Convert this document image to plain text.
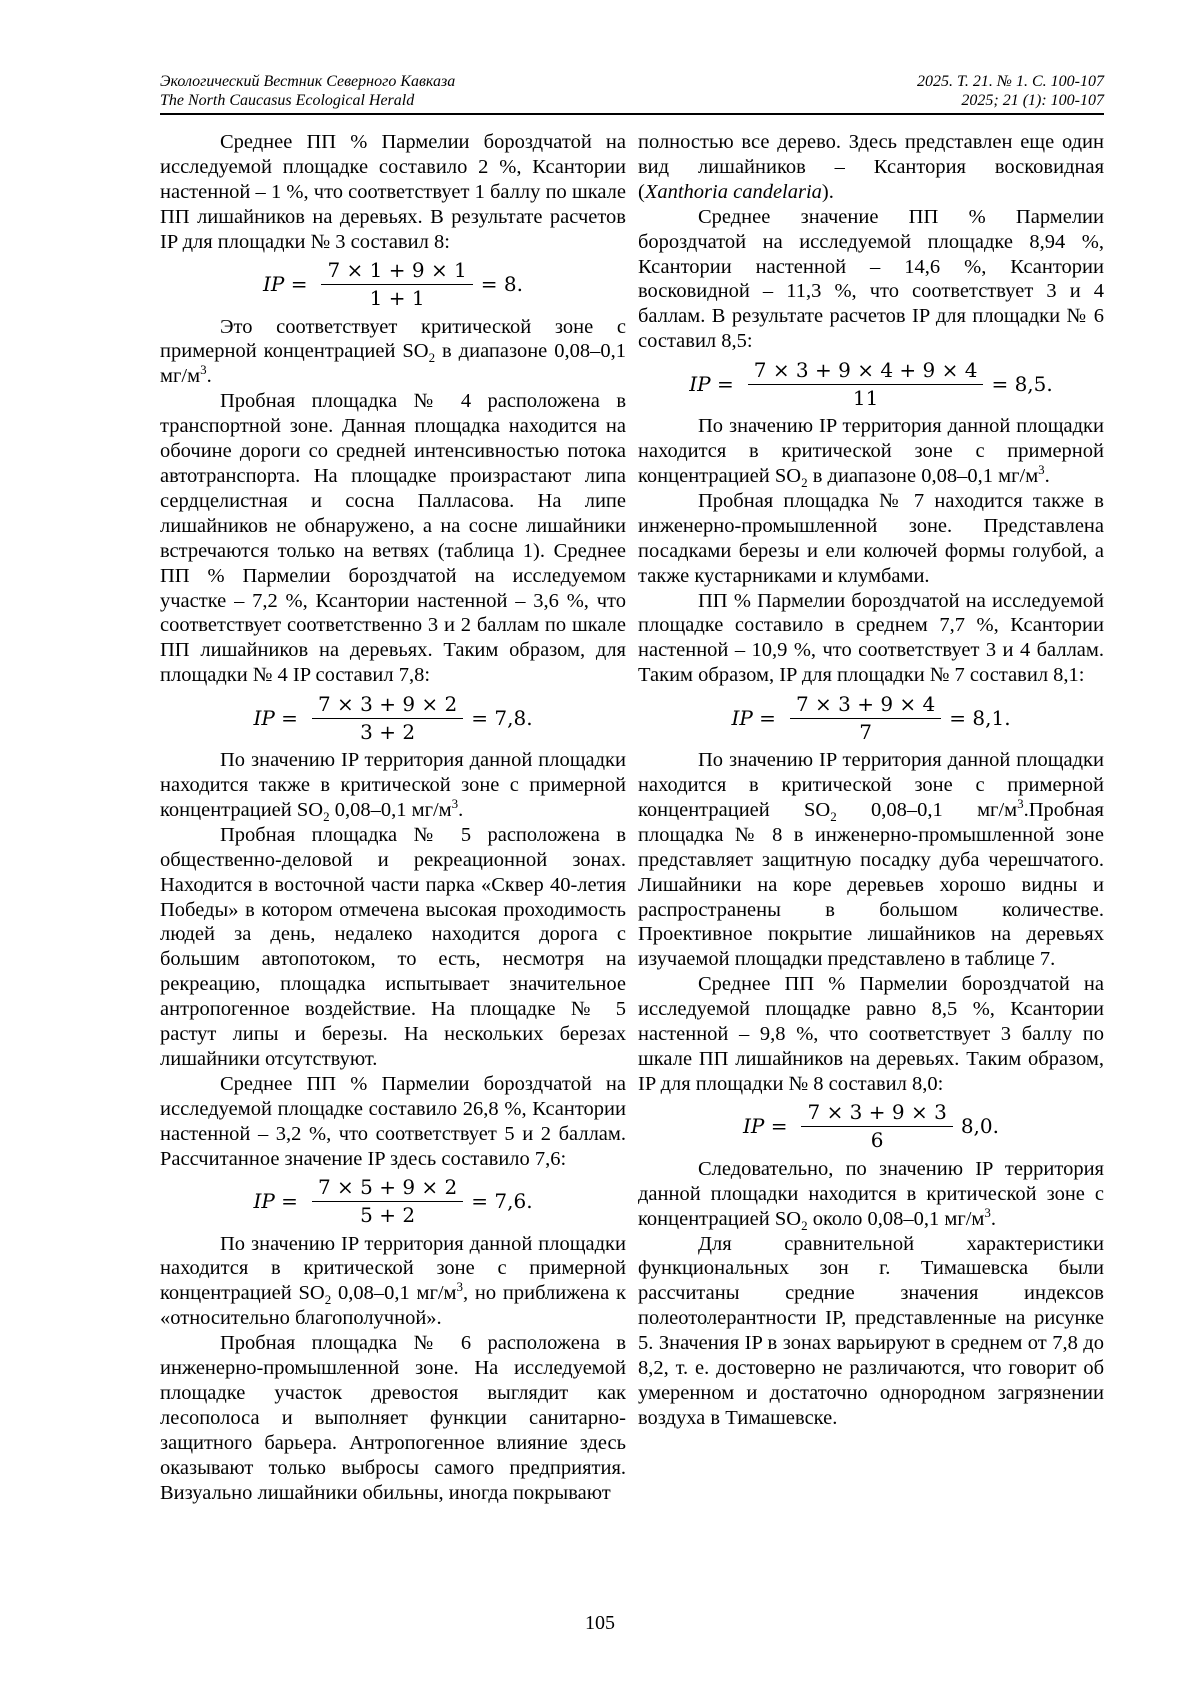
Экологический Вестник Северного Кавказа	2025. Т. 21. № 1. С. 100-107
The North Caucasus Ecological Herald	2025; 21 (1): 100-107

Среднее ПП % Пармелии бороздчатой на исследуемой площадке составило 2 %, Ксантории настенной – 1 %, что соответствует 1 баллу по шкале ПП лишайников на деревьях. В результате расчетов IP для площадки № 3 составил 8:

IP = $\frac{7 \times 1 + 9 \times 1}{1 + 1} = 8$.

Это соответствует критической зоне с примерной концентрацией $SO_2$ в диапазоне 0,08–0,1 $мг/м^3$.

Пробная площадка № 4 расположена в транспортной зоне. Данная площадка находится на обочине дороги со средней интенсивностью потока автотранспорта. На площадке произрастают липа сердцелистная и сосна Палласова. На липе лишайников не обнаружено, а на сосне лишайники встречаются только на ветвях (таблица 1). Среднее ПП % Пармелии бороздчатой на исследуемом участке – 7,2 %, Ксантории настенной – 3,6 %, что соответствует соответственно 3 и 2 баллам по шкале ПП лишайников на деревьях. Таким образом, для площадки № 4 IP составил 7,8:

IP = $\frac{7 \times 3 + 9 \times 2}{3 + 2} = 7,8$.

По значению IP территория данной площадки находится также в критической зоне с примерной концентрацией $SO_2$ 0,08–0,1 $мг/м^3$.

Пробная площадка № 5 расположена в общественно-деловой и рекреационной зонах. Находится в восточной части парка «Сквер 40-летия Победы» в котором отмечена высокая проходимость людей за день, недалеко находится дорога с большим автопотоком, то есть, несмотря на рекреацию, площадка испытывает значительное антропогенное воздействие. На площадке № 5 растут липы и березы. На нескольких березах лишайники отсутствуют.

Среднее ПП % Пармелии бороздчатой на исследуемой площадке составило 26,8 %, Ксантории настенной – 3,2 %, что соответствует 5 и 2 баллам. Рассчитанное значение IP здесь составило 7,6:

IP = $\frac{7 \times 5 + 9 \times 2}{5 + 2} = 7,6$.

По значению IP территория данной площадки находится в критической зоне с примерной концентрацией $SO_2$ 0,08–0,1 $мг/м^3$, но приближена к «относительно благополучной».

Пробная площадка № 6 расположена в инженерно-промышленной зоне. На исследуемой площадке участок древостоя выглядит как лесополоса и выполняет функции санитарно-защитного барьера. Антропогенное влияние здесь оказывают только выбросы самого предприятия. Визуально лишайники обильны, иногда покрывают

полностью все дерево. Здесь представлен еще один вид лишайников – Ксантория восковидная (Xanthoria candelaria).

Среднее значение ПП % Пармелии бороздчатой на исследуемой площадке 8,94 %, Ксантории настенной – 14,6 %, Ксантории восковидной – 11,3 %, что соответствует 3 и 4 баллам. В результате расчетов IP для площадки № 6 составил 8,5:

IP = $\frac{7 \times 3 + 9 \times 4 + 9 \times 4}{11} = 8,5$.

По значению IP территория данной площадки находится в критической зоне с примерной концентрацией $SO_2$ в диапазоне 0,08–0,1 $мг/м^3$.

Пробная площадка № 7 находится также в инженерно-промышленной зоне. Представлена посадками березы и ели колючей формы голубой, а также кустарниками и клумбами.

ПП % Пармелии бороздчатой на исследуемой площадке составило в среднем 7,7 %, Ксантории настенной – 10,9 %, что соответствует 3 и 4 баллам. Таким образом, IP для площадки № 7 составил 8,1:

IP = $\frac{7 \times 3 + 9 \times 4}{7} = 8,1$.

По значению IP территория данной площадки находится в критической зоне с примерной концентрацией $SO_2$ 0,08–0,1 $мг/м^3.Пробная$ площадка № 8 в инженерно-промышленной зоне представляет защитную посадку дуба черешчатого. Лишайники на коре деревьев хорошо видны и распространены в большом количестве. Проективное покрытие лишайников на деревьях изучаемой площадки представлено в таблице 7.

Среднее ПП % Пармелии бороздчатой на исследуемой площадке равно 8,5 %, Ксантории настенной – 9,8 %, что соответствует 3 баллу по шкале ПП лишайников на деревьях. Таким образом, IP для площадки № 8 составил 8,0:

IP = $\frac{7 \times 3 + 9 \times 3}{6} 8,0$.

Следовательно, по значению IP территория данной площадки находится в критической зоне с концентрацией $SO_2$ около 0,08–0,1 $мг/м^3$.

Для сравнительной характеристики функциональных зон г. Тимашевска были рассчитаны средние значения индексов полеотолерантности IP, представленные на рисунке 5. Значения IP в зонах варьируют в среднем от 7,8 до 8,2, т. е. достоверно не различаются, что говорит об умеренном и достаточно однородном загрязнении воздуха в Тимашевске.

105
